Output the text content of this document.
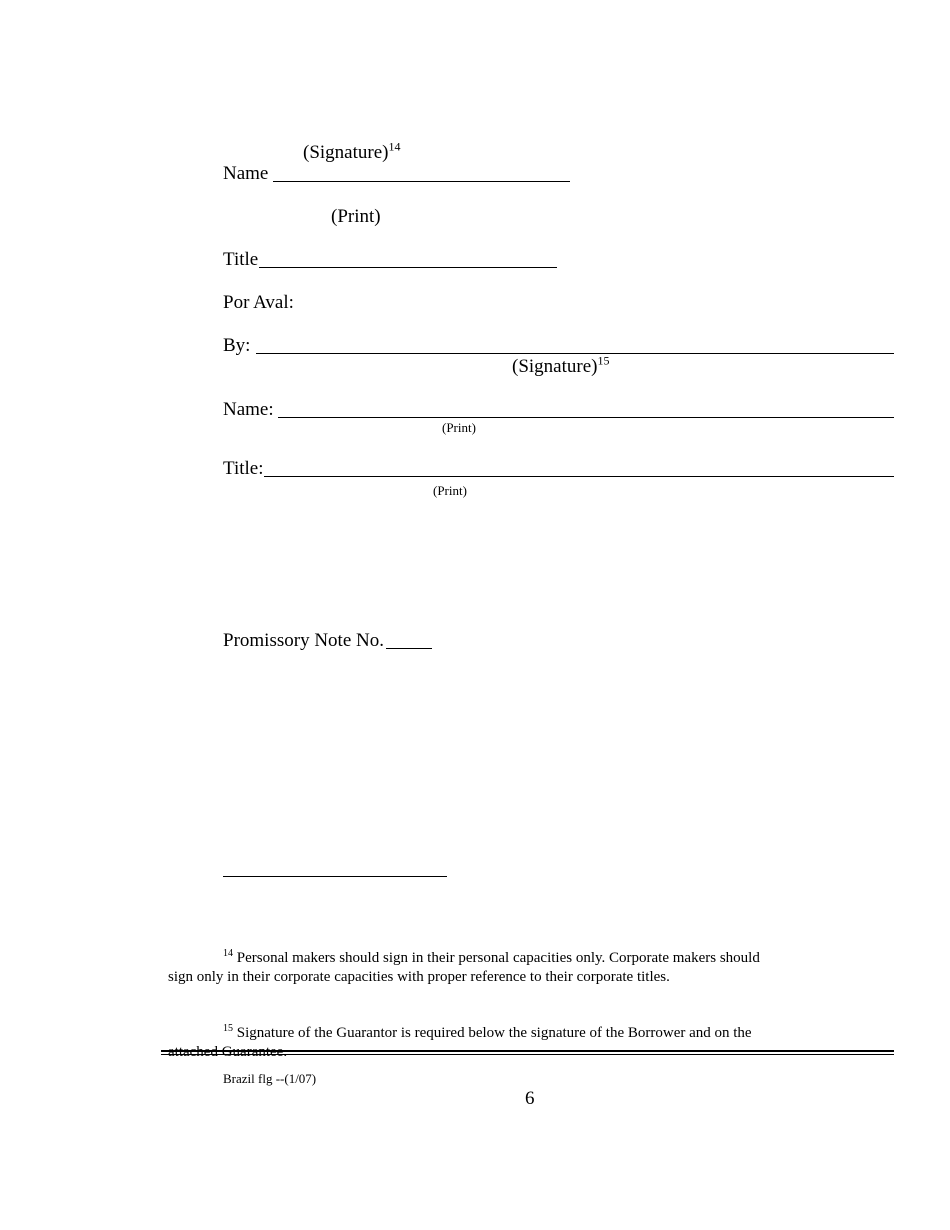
(Signature)$^{14}$
Name
(Print)
Title
Por Aval:
By:
(Signature)$^{15}$
Name:
(Print)
Title:
(Print)
Promissory Note No.
$^{14}$ Personal makers should sign in their personal capacities only. Corporate makers should
sign only in their corporate capacities with proper reference to their corporate titles.
$^{15}$ Signature of the Guarantor is required below the signature of the Borrower and on the
attached Guarantee.
Brazil flg --(1/07)
6
